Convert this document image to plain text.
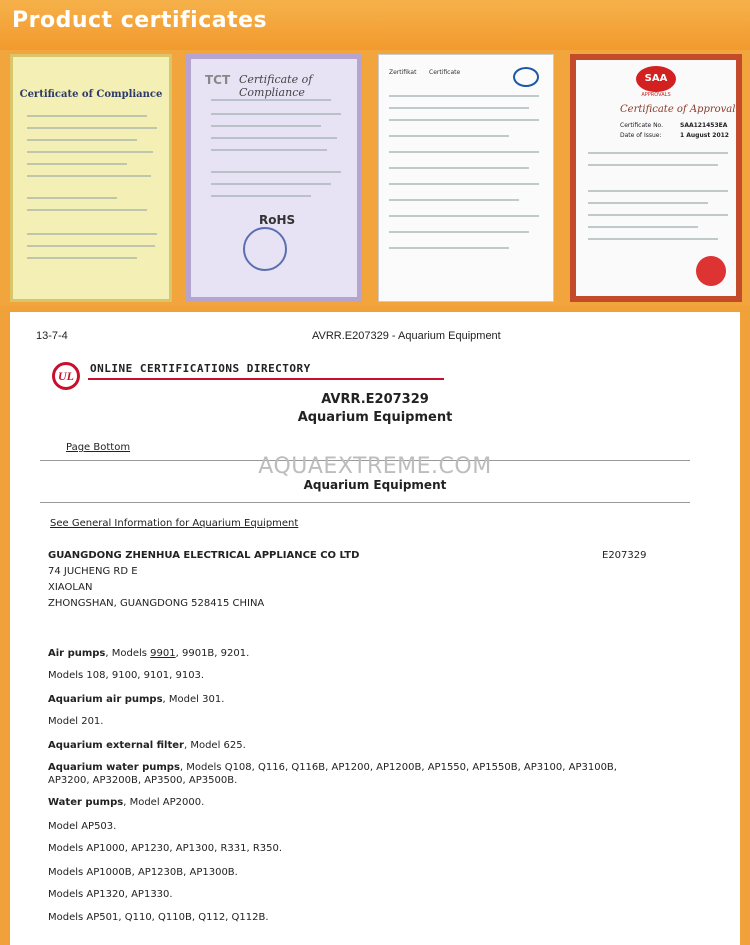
Product certificates
Certificate of Compliance
TCT Certificate of Compliance
RoHS
Zertifikat Certificate
SAA
APPROVALS
Certificate of Approval
Certificate No.	SAA121453EA
Date of Issue:	1 August 2012
13-7-4	AVRR.E207329 - Aquarium Equipment
UL
ONLINE CERTIFICATIONS DIRECTORY
AVRR.E207329
Aquarium Equipment
Page Bottom
AQUAEXTREME.COM
Aquarium Equipment
See General Information for Aquarium Equipment
GUANGDONG ZHENHUA ELECTRICAL APPLIANCE CO LTD	E207329
74 JUCHENG RD E
XIAOLAN
ZHONGSHAN, GUANGDONG 528415 CHINA
Air pumps, Models 9901, 9901B, 9201.
Models 108, 9100, 9101, 9103.
Aquarium air pumps, Model 301.
Model 201.
Aquarium external filter, Model 625.
Aquarium water pumps, Models Q108, Q116, Q116B, AP1200, AP1200B, AP1550, AP1550B, AP3100, AP3100B,
AP3200, AP3200B, AP3500, AP3500B.
Water pumps, Model AP2000.
Model AP503.
Models AP1000, AP1230, AP1300, R331, R350.
Models AP1000B, AP1230B, AP1300B.
Models AP1320, AP1330.
Models AP501, Q110, Q110B, Q112, Q112B.
